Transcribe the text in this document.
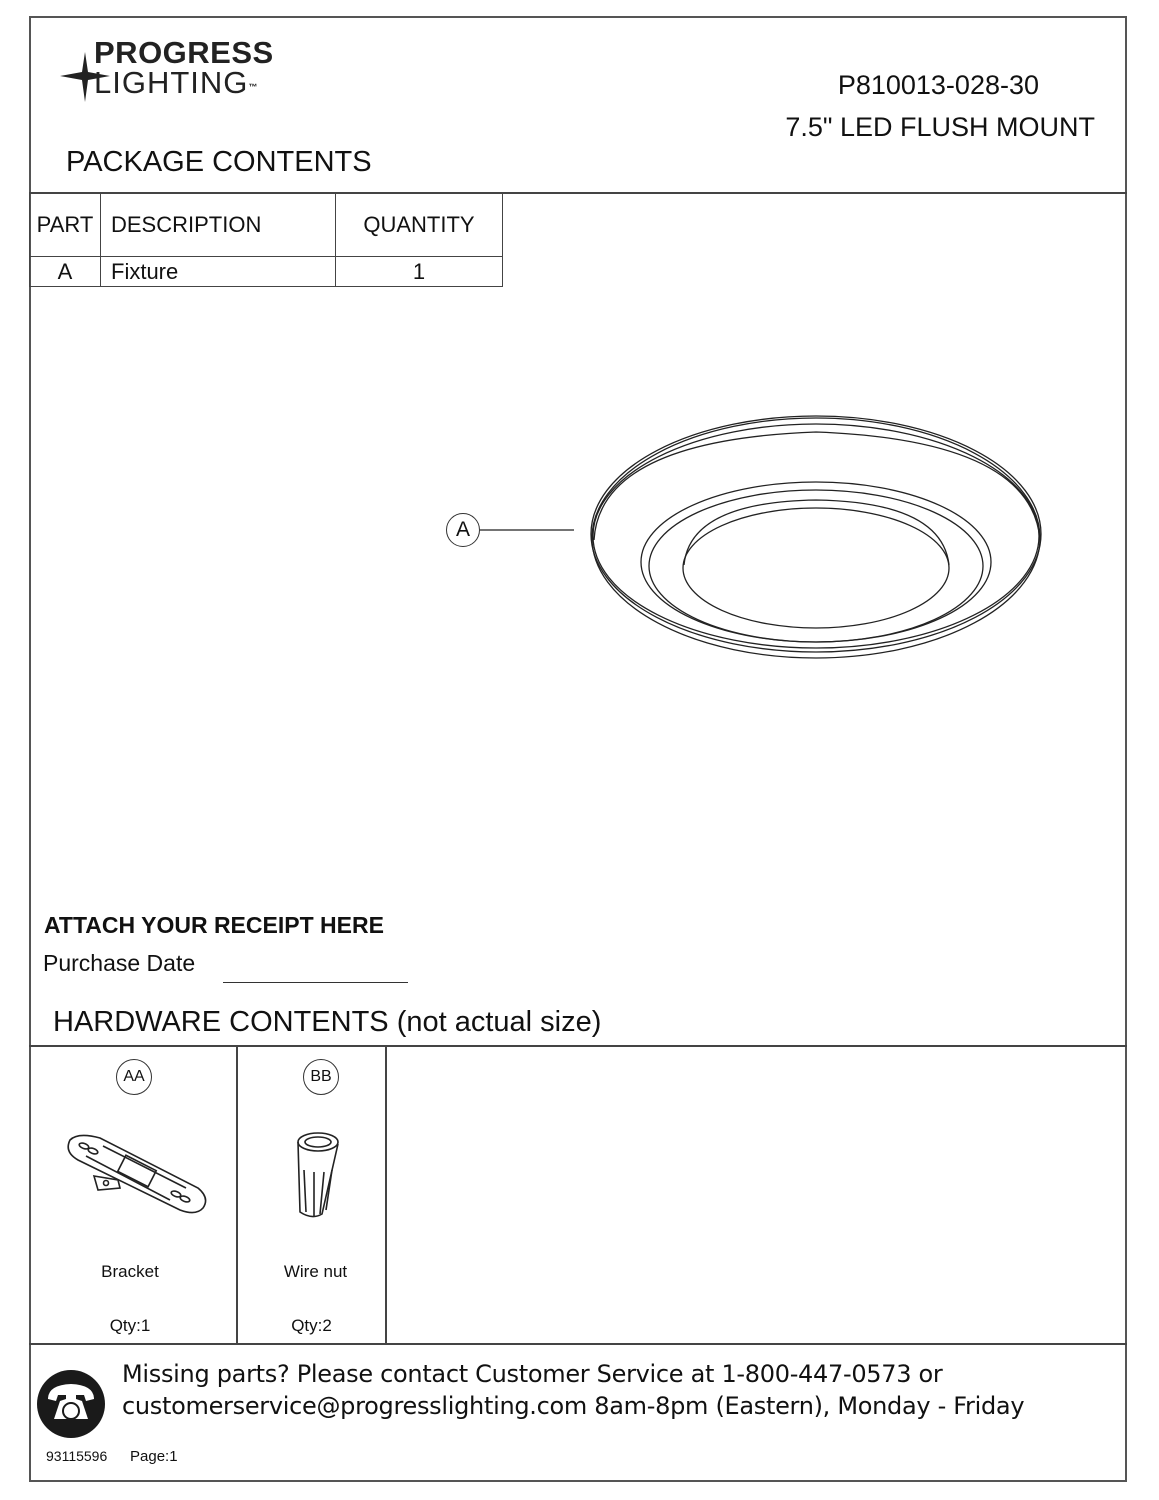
PROGRESS
LIGHTING™	P810013-028-30
7.5" LED FLUSH MOUNT
PACKAGE CONTENTS
PART	DESCRIPTION	QUANTITY
A	Fixture	1
A
ATTACH YOUR RECEIPT HERE
Purchase Date
HARDWARE CONTENTS (not actual size)
AA
Bracket
Qty:1
BB
Wire nut
Qty:2
Missing parts? Please contact Customer Service at 1-800-447-0573 or
customerservice@progresslighting.com 8am-8pm (Eastern), Monday - Friday
93115596 Page:1
